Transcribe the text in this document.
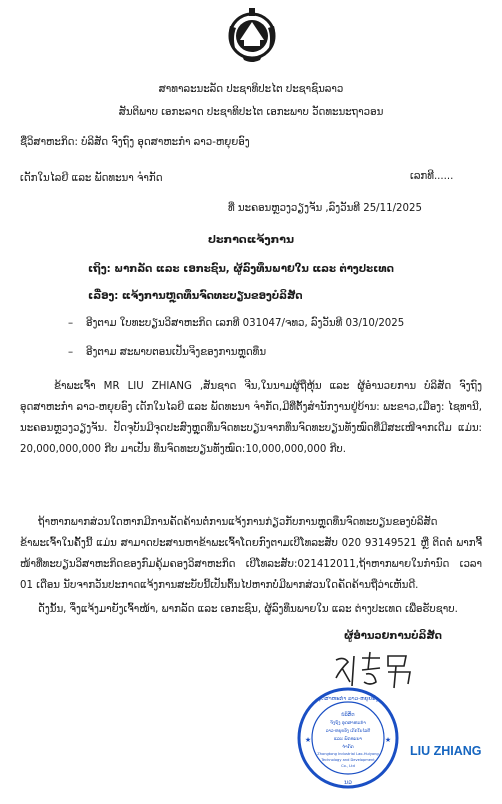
ສາທາລະນະລັດ ປະຊາທິປະໄຕ ປະຊາຊົນລາວ
ສັນຕິພາບ ເອກະລາດ ປະຊາທິປະໄຕ ເອກະພາບ ວັດທະນະຖາວອນ
ຊື່ວິສາຫະກິດ: ບໍລິສັດ ຈົງຖົງ ອຸດສາຫະກຳ ລາວ-ຫຍຸຍອົງ
ເດັກໃນໄລຍີ ແລະ ພັດທະນາ ຈຳກັດ	ເລກທີ......
ທີ່ ນະຄອນຫຼວງວຽງຈັນ ,ລົງວັນທີ 25/11/2025
ປະກາດແຈ້ງການ
ເຖິງ: ພາກລັດ ແລະ ເອກະຊົນ, ຜູ້ລົງທຶນພາຍໃນ ແລະ ຕ່າງປະເທດ
ເລື່ອງ: ແຈ້ງການຫຼຸດທຶນຈົດທະບຽນຂອງບໍລິສັດ
– ອີງຕາມ ໃບທະບຽນວິສາຫະກິດ ເລກທີ 031047/ຈທວ, ລົງວັນທີ 03/10/2025
– ອີງຕາມ ສະພາບຕອນເປັນຈິງຂອງການຫຼຸດທຶນ
ຂ້າພະເຈົ້າ MR LIU ZHIANG ,ສັນຊາດ ຈີນ,ໃນນາມຜູ້ຖືຫຸ້ນ ແລະ ຜູ້ອຳນວຍການ ບໍລິສັດ ຈົງຖົງ ອຸດສາຫະກຳ ລາວ-ຫຍຸຍອົງ ເດັກໃນໄລຍີ ແລະ ພັດທະນາ ຈຳກັດ,ມີທີ່ຕັ້ງສຳນັກງານຢູ່ບ້ານ: ພະຂາວ,ເມືອງ: ໄຊທານີ, ນະຄອນຫຼວງວຽງຈັນ. ປັດຈຸບັນມີຈຸດປະສົງຫຼຸດທຶນຈົດທະບຽນຈາກທຶນຈົດທະບຽນທັງໝົດທີ່ມີສະເໜີຈາກເດີມ ແມ່ນ: 20,000,000,000 ກີບ ມາເປັນ ທຶນຈົດທະບຽນທັງໝົດ:10,000,000,000 ກີບ.
ຖ້າຫາກພາກສ່ວນໃດຫາກມີການຄັດຄ້ານຕໍ່ການແຈ້ງການກ່ຽວກັບການຫຼຸດທຶນຈົດທະບຽນຂອງບໍລິສັດ ຂ້າພະເຈົ້າໃນຄັ້ງນີ້ ແມ່ນ ສາມາດປະສານຫາຂ້າພະເຈົ້າໂດຍກົງຕາມເບີໂທລະສັບ 020 93149521 ຫຼື ຕິດຕໍ່ ພາກຈີ້ໜ້າທີ່ທະບຽນວິສາຫະກິດຂອງກົມຄຸ້ມຄອງວິສາຫະກິດ ເບີໂທລະສັບ:021412011,ຖ້າຫາກພາຍໃນກຳນົດ ເວລາ 01 ເດືອນ ນັບຈາກວັນປະກາດແຈ້ງການສະບັບນີ້ເປັນຕົ້ນໄປຫາກບໍ່ມີພາກສ່ວນໃດຄັດຄ້ານຖືວ່າເຫັນດີ.
ດັ່ງນັ້ນ, ຈຶ່ງແຈ້ງມາຍັງເຈົ້າໜ້າ, ພາກລັດ ແລະ ເອກະຊົນ, ຜູ້ລົງທຶນພາຍໃນ ແລະ ຕ່າງປະເທດ ເພື່ອຮັບຊາບ.
ຜູ້ອຳນວຍການບໍລິສັດ
ອຸດສາຫະກຳ ລາວ-ຫຍຸຍອົງ
ບໍລິສັດ
ຈົງຖົງ ອຸດສາຫະກຳ
ລາວ-ຫຍຸຍອົງ ເດັກໃນໄລຍີ
ແລະ ພັດທະນາ
ຈຳກັດ
Zhongtong Industrial Lao-Huiyong
Technology and Development
Co., Ltd
ນວ
★	★
LIU ZHIANG
